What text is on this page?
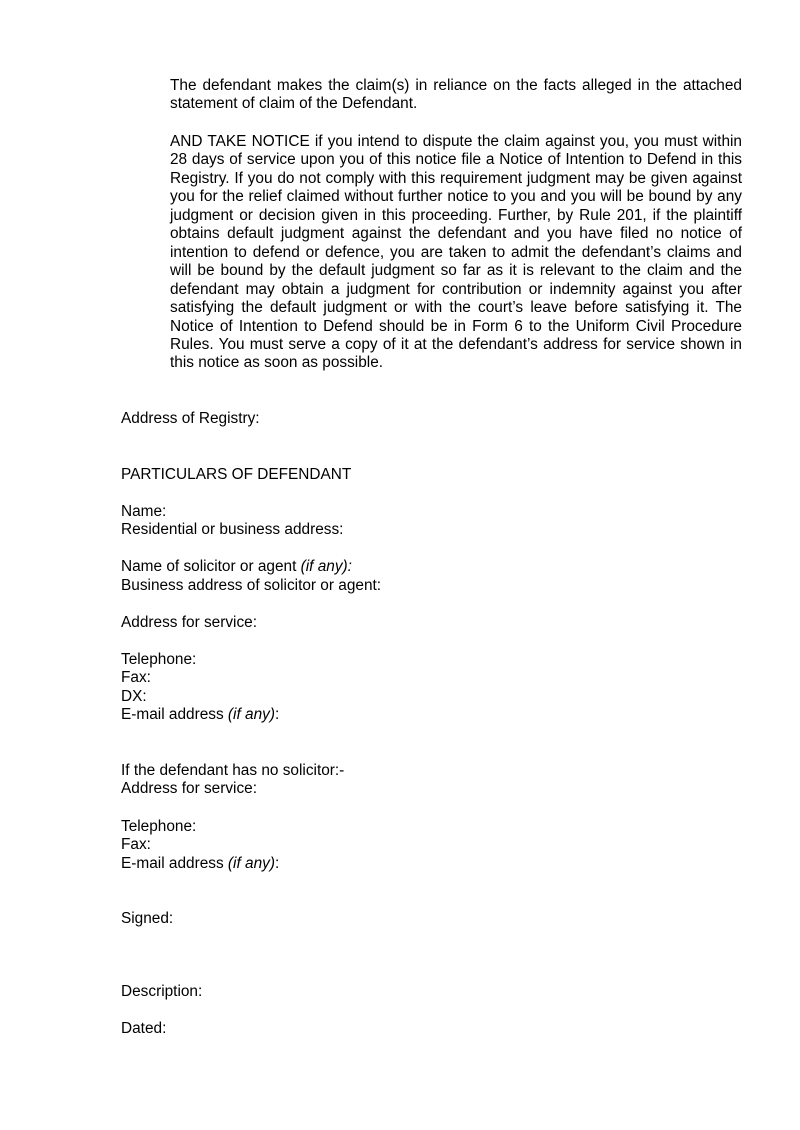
The defendant makes the claim(s) in reliance on the facts alleged in the attached statement of claim of the Defendant.

AND TAKE NOTICE if you intend to dispute the claim against you, you must within 28 days of service upon you of this notice file a Notice of Intention to Defend in this Registry. If you do not comply with this requirement judgment may be given against you for the relief claimed without further notice to you and you will be bound by any judgment or decision given in this proceeding. Further, by Rule 201, if the plaintiff obtains default judgment against the defendant and you have filed no notice of intention to defend or defence, you are taken to admit the defendant’s claims and will be bound by the default judgment so far as it is relevant to the claim and the defendant may obtain a judgment for contribution or indemnity against you after satisfying the default judgment or with the court’s leave before satisfying it. The Notice of Intention to Defend should be in Form 6 to the Uniform Civil Procedure Rules. You must serve a copy of it at the defendant’s address for service shown in this notice as soon as possible.

Address of Registry:

PARTICULARS OF DEFENDANT

Name:

Residential or business address:

Name of solicitor or agent (if any):

Business address of solicitor or agent:

Address for service:

Telephone:

Fax:

DX:

E-mail address (if any):

If the defendant has no solicitor:-

Address for service:

Telephone:

Fax:

E-mail address (if any):

Signed:

Description:

Dated:
